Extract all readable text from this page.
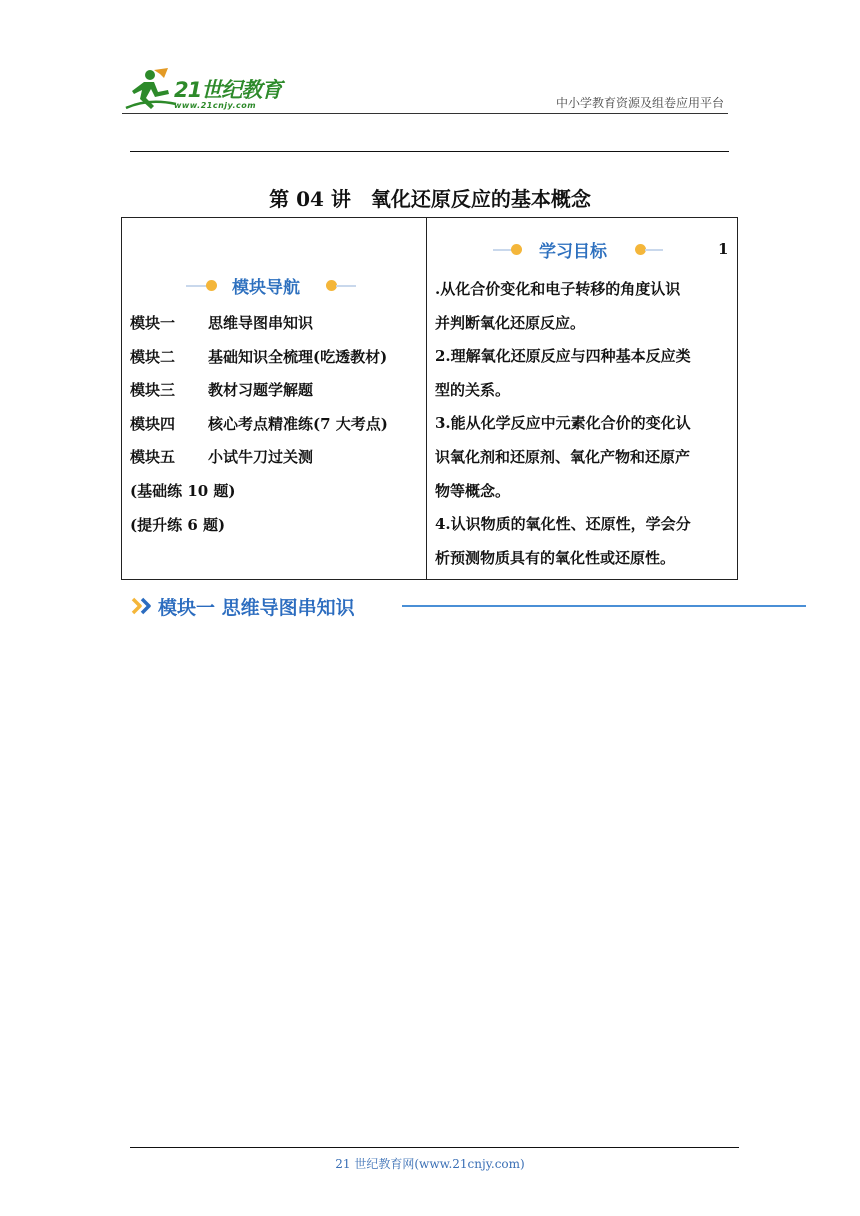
21世纪教育
www.21cnjy.com	中小学教育资源及组卷应用平台
第 04 讲　氧化还原反应的基本概念
模块导航
模块一 思维导图串知识
模块二 基础知识全梳理(吃透教材)
模块三 教材习题学解题
模块四 核心考点精准练(7 大考点)
模块五 小试牛刀过关测
(基础练 10 题)
(提升练 6 题)
学习目标	1
.从化合价变化和电子转移的角度认识
并判断氧化还原反应。
2.理解氧化还原反应与四种基本反应类
型的关系。
3.能从化学反应中元素化合价的变化认
识氧化剂和还原剂、氧化产物和还原产
物等概念。
4.认识物质的氧化性、还原性，学会分
析预测物质具有的氧化性或还原性。
模块一 思维导图串知识
21 世纪教育网(www.21cnjy.com)
